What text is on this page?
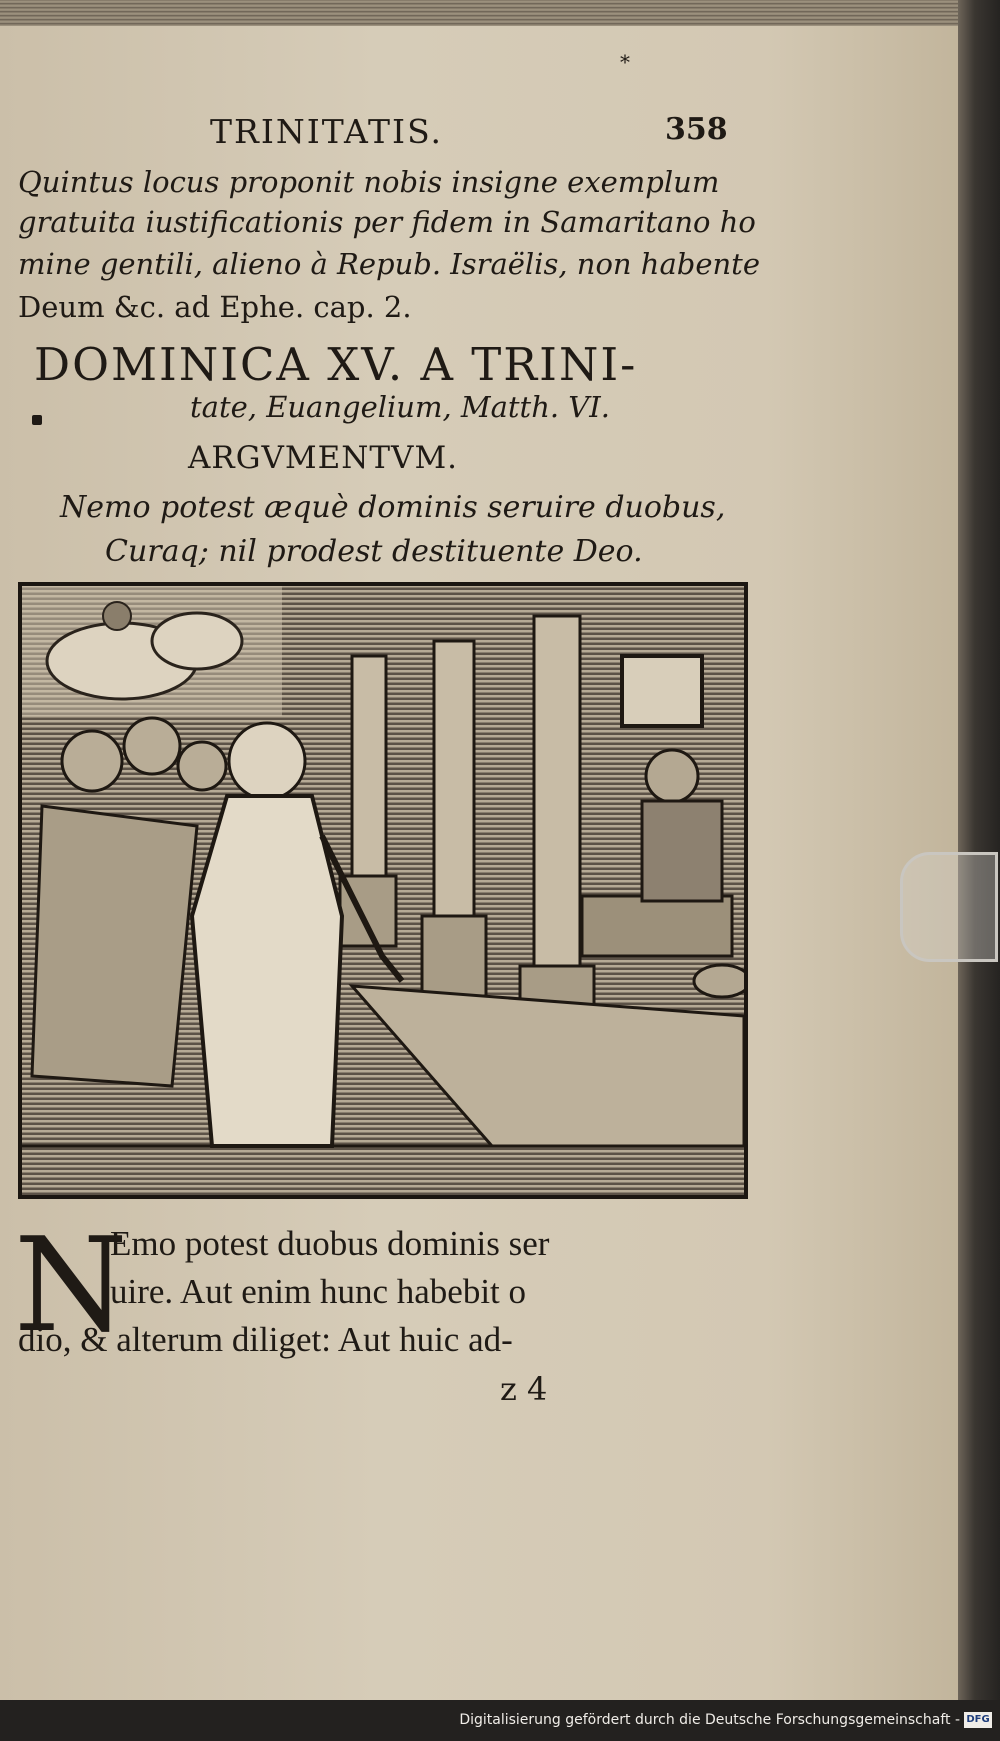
*
TRINITATIS.	358
Quintus locus proponit nobis insigne exemplum
gratuita iustificationis per fidem in Samaritano ho
mine gentili, alieno à Repub. Israëlis, non habente
Deum &c. ad Ephe. cap. 2.
DOMINICA XV. A TRINI-
tate, Euangelium, Matth. VI.
ARGVMENTVM.
Nemo potest æquè dominis seruire duobus,
Curaq; nil prodest destituente Deo.
N
Emo potest duobus dominis ser
uire. Aut enim hunc habebit o
dio, & alterum diliget: Aut huic ad-
z 4
Digitalisierung gefördert durch die Deutsche Forschungsgemeinschaft - DFG
